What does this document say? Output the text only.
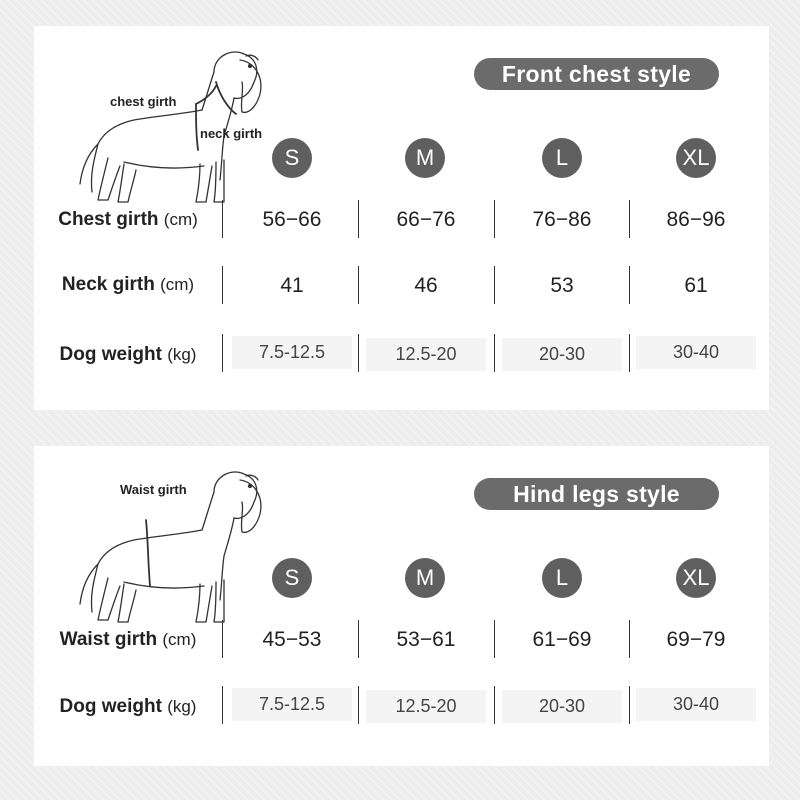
chest girth
neck girth
Front chest style
S	M	L	XL
Chest girth (cm)	56−66	66−76	76−86	86−96
Neck girth (cm)	41	46	53	61
Dog weight (kg)	7.5-12.5	12.5-20	20-30	30-40
Waist girth	Hind legs style
S	M	L	XL
Waist girth (cm)	45−53	53−61	61−69	69−79
Dog weight (kg)	7.5-12.5	12.5-20	20-30	30-40
